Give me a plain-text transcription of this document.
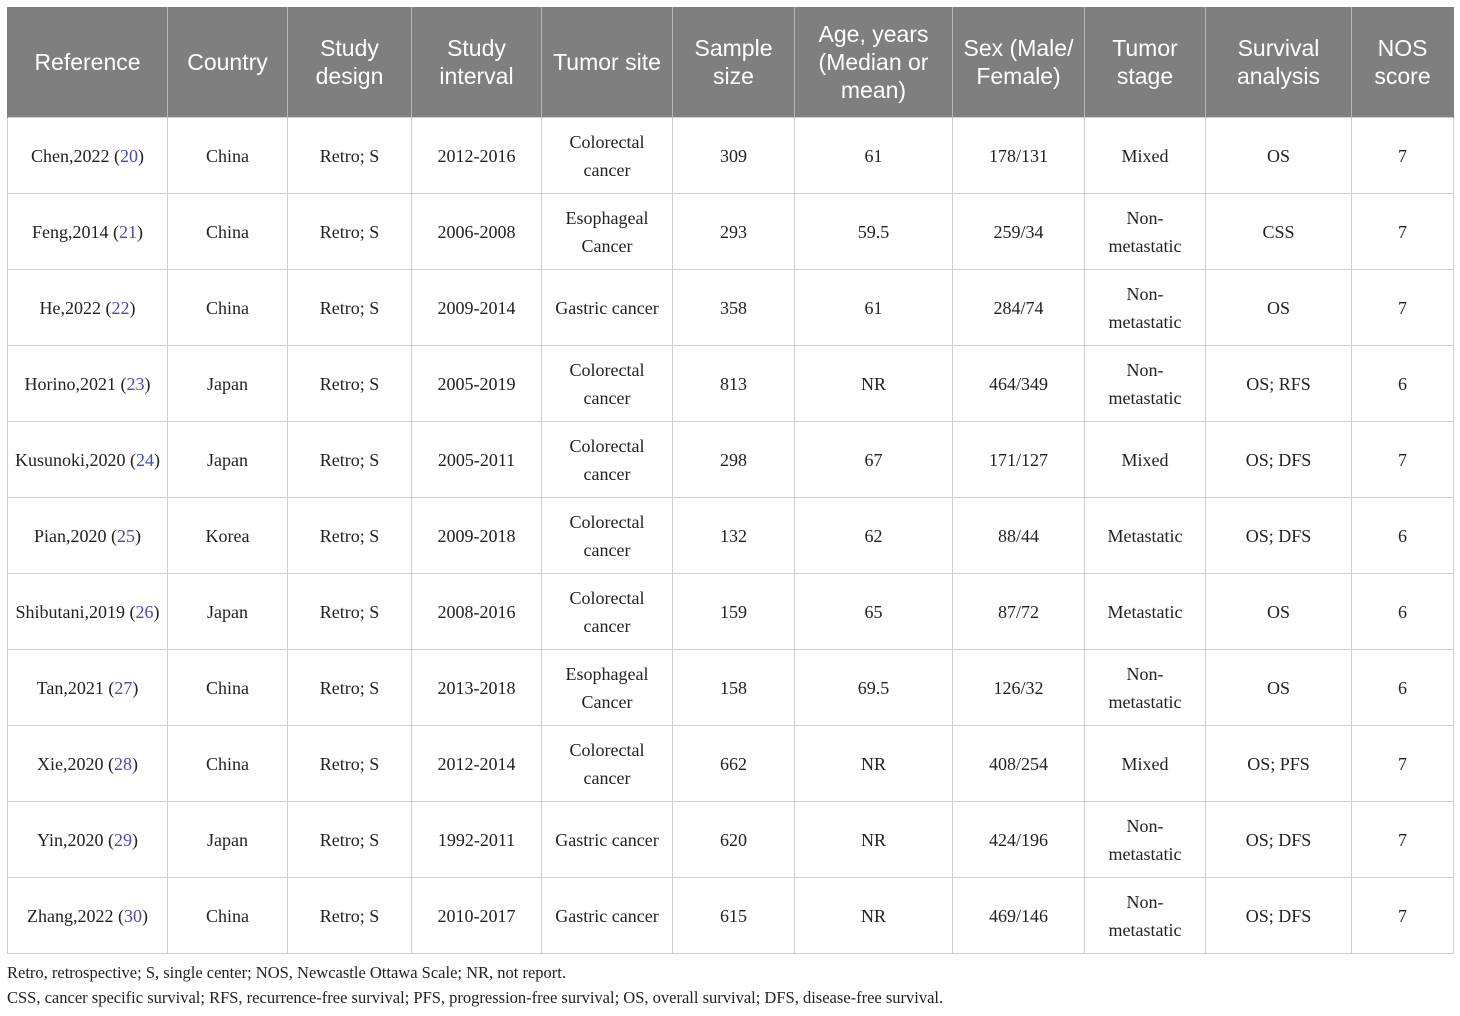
Reference	Country	Study design	Study interval	Tumor site	Sample size	Age, years (Median or mean)	Sex (Male/ Female)	Tumor stage	Survival analysis	NOS score
Chen,2022 (20)	China	Retro; S	2012-2016	Colorectal cancer	309	61	178/131	Mixed	OS	7
Feng,2014 (21)	China	Retro; S	2006-2008	Esophageal Cancer	293	59.5	259/34	Non-metastatic	CSS	7
He,2022 (22)	China	Retro; S	2009-2014	Gastric cancer	358	61	284/74	Non-metastatic	OS	7
Horino,2021 (23)	Japan	Retro; S	2005-2019	Colorectal cancer	813	NR	464/349	Non-metastatic	OS; RFS	6
Kusunoki,2020 (24)	Japan	Retro; S	2005-2011	Colorectal cancer	298	67	171/127	Mixed	OS; DFS	7
Pian,2020 (25)	Korea	Retro; S	2009-2018	Colorectal cancer	132	62	88/44	Metastatic	OS; DFS	6
Shibutani,2019 (26)	Japan	Retro; S	2008-2016	Colorectal cancer	159	65	87/72	Metastatic	OS	6
Tan,2021 (27)	China	Retro; S	2013-2018	Esophageal Cancer	158	69.5	126/32	Non-metastatic	OS	6
Xie,2020 (28)	China	Retro; S	2012-2014	Colorectal cancer	662	NR	408/254	Mixed	OS; PFS	7
Yin,2020 (29)	Japan	Retro; S	1992-2011	Gastric cancer	620	NR	424/196	Non-metastatic	OS; DFS	7
Zhang,2022 (30)	China	Retro; S	2010-2017	Gastric cancer	615	NR	469/146	Non-metastatic	OS; DFS	7
Retro, retrospective; S, single center; NOS, Newcastle Ottawa Scale; NR, not report.
CSS, cancer specific survival; RFS, recurrence-free survival; PFS, progression-free survival; OS, overall survival; DFS, disease-free survival.
